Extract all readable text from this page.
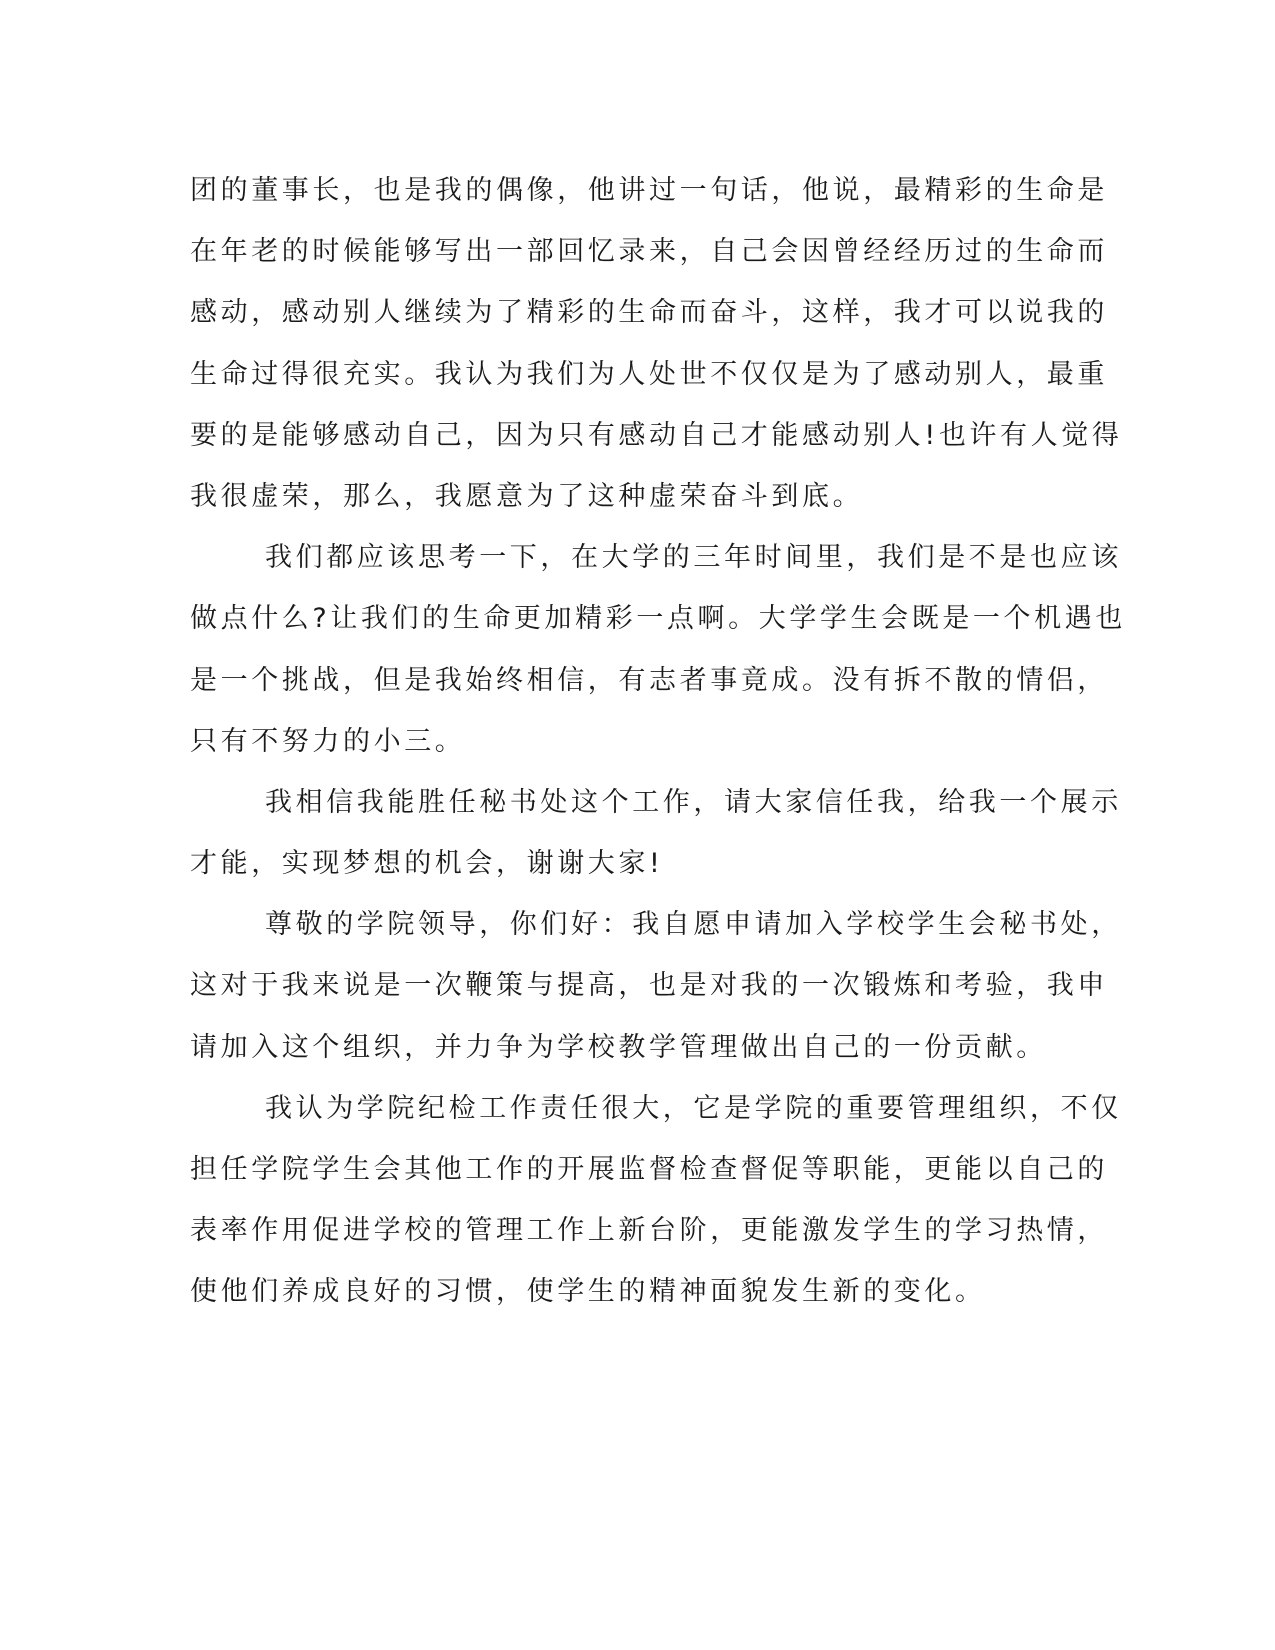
团的董事长，也是我的偶像，他讲过一句话，他说，最精彩的生命是
在年老的时候能够写出一部回忆录来，自己会因曾经经历过的生命而
感动，感动别人继续为了精彩的生命而奋斗，这样，我才可以说我的
生命过得很充实。我认为我们为人处世不仅仅是为了感动别人，最重
要的是能够感动自己，因为只有感动自己才能感动别人!也许有人觉得
我很虚荣，那么，我愿意为了这种虚荣奋斗到底。
我们都应该思考一下，在大学的三年时间里，我们是不是也应该
做点什么?让我们的生命更加精彩一点啊。大学学生会既是一个机遇也
是一个挑战，但是我始终相信，有志者事竟成。没有拆不散的情侣，
只有不努力的小三。
我相信我能胜任秘书处这个工作，请大家信任我，给我一个展示
才能，实现梦想的机会，谢谢大家!
尊敬的学院领导，你们好：我自愿申请加入学校学生会秘书处，
这对于我来说是一次鞭策与提高，也是对我的一次锻炼和考验，我申
请加入这个组织，并力争为学校教学管理做出自己的一份贡献。
我认为学院纪检工作责任很大，它是学院的重要管理组织，不仅
担任学院学生会其他工作的开展监督检查督促等职能，更能以自己的
表率作用促进学校的管理工作上新台阶，更能激发学生的学习热情，
使他们养成良好的习惯，使学生的精神面貌发生新的变化。
